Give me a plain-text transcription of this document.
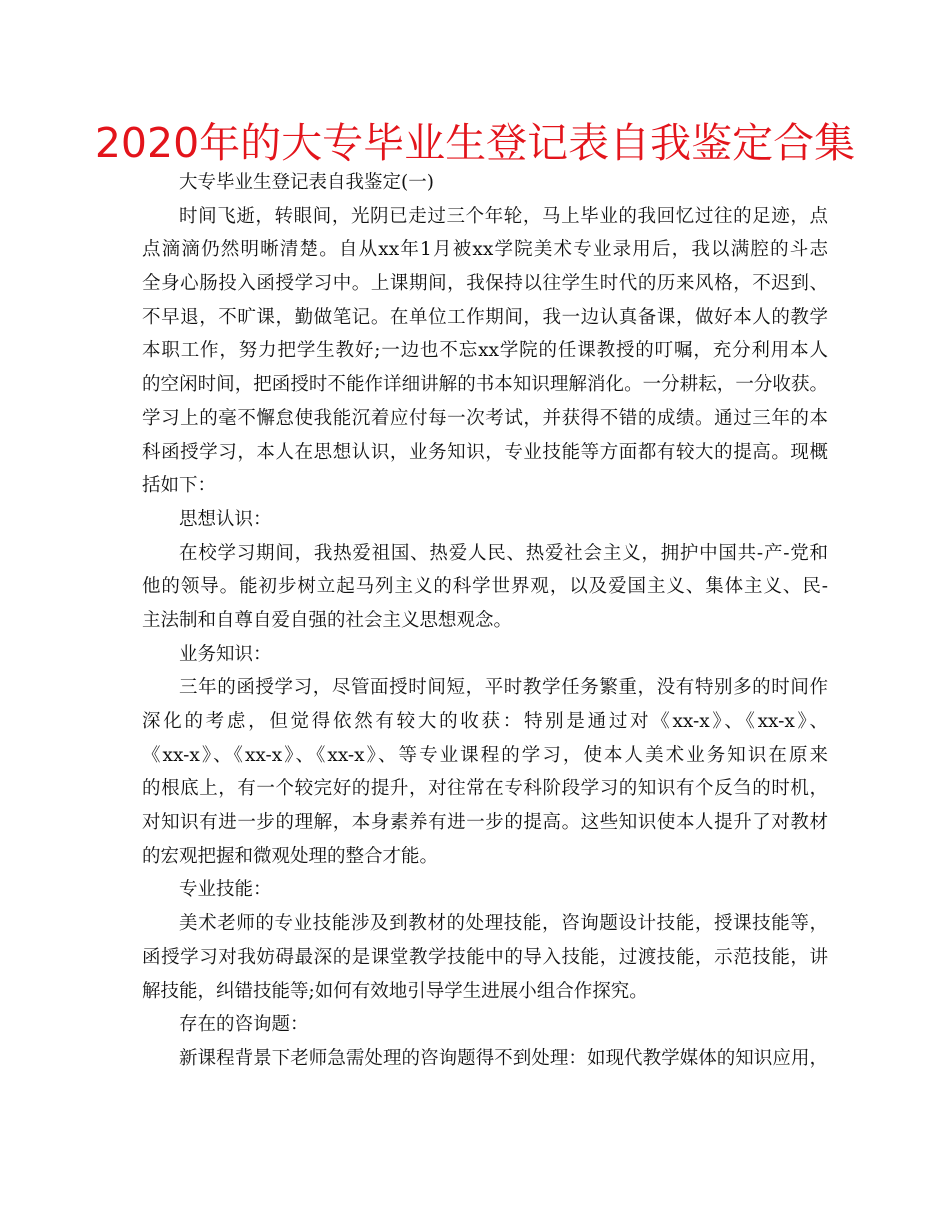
2020年的大专毕业生登记表自我鉴定合集
大专毕业生登记表自我鉴定(一)
时间飞逝，转眼间，光阴已走过三个年轮，马上毕业的我回忆过往的足迹，点
点滴滴仍然明晰清楚。自从xx年1月被xx学院美术专业录用后，我以满腔的斗志
全身心肠投入函授学习中。上课期间，我保持以往学生时代的历来风格，不迟到、
不早退，不旷课，勤做笔记。在单位工作期间，我一边认真备课，做好本人的教学
本职工作，努力把学生教好;一边也不忘xx学院的任课教授的叮嘱，充分利用本人
的空闲时间，把函授时不能作详细讲解的书本知识理解消化。一分耕耘，一分收获。
学习上的毫不懈怠使我能沉着应付每一次考试，并获得不错的成绩。通过三年的本
科函授学习，本人在思想认识，业务知识，专业技能等方面都有较大的提高。现概
括如下：
思想认识：
在校学习期间，我热爱祖国、热爱人民、热爱社会主义，拥护中国共-产-党和
他的领导。能初步树立起马列主义的科学世界观，以及爱国主义、集体主义、民-
主法制和自尊自爱自强的社会主义思想观念。
业务知识：
三年的函授学习，尽管面授时间短，平时教学任务繁重，没有特别多的时间作
深化的考虑，但觉得依然有较大的收获：特别是通过对《xx-x》、《xx-x》、
《xx-x》、《xx-x》、《xx-x》、等专业课程的学习，使本人美术业务知识在原来
的根底上，有一个较完好的提升，对往常在专科阶段学习的知识有个反刍的时机，
对知识有进一步的理解，本身素养有进一步的提高。这些知识使本人提升了对教材
的宏观把握和微观处理的整合才能。
专业技能：
美术老师的专业技能涉及到教材的处理技能，咨询题设计技能，授课技能等，
函授学习对我妨碍最深的是课堂教学技能中的导入技能，过渡技能，示范技能，讲
解技能，纠错技能等;如何有效地引导学生进展小组合作探究。
存在的咨询题：
新课程背景下老师急需处理的咨询题得不到处理：如现代教学媒体的知识应用，
